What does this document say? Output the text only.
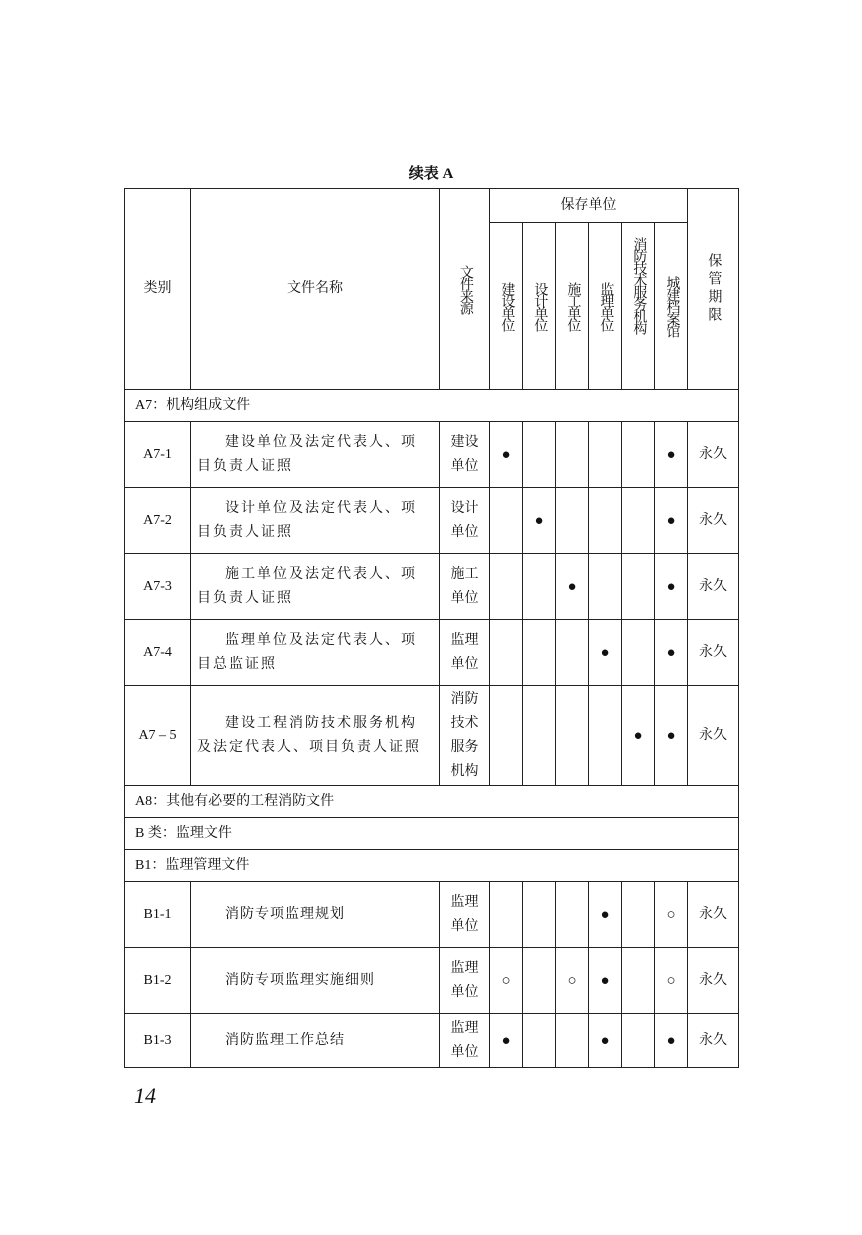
续表 A
类别	文件名称	文件来源	保存单位						保管期限

			建设单位	设计单位	施工单位	监理单位	消防技术服务机构	城建档案馆	

A7：机构组成文件									
A7-1	建设单位及法定代表人、项目负责人证照	建设单位	●					●	永久
A7-2	设计单位及法定代表人、项目负责人证照	设计单位		●				●	永久
A7-3	施工单位及法定代表人、项目负责人证照	施工单位			●			●	永久
A7-4	监理单位及法定代表人、项目总监证照	监理单位				●		●	永久
A7 – 5	建设工程消防技术服务机构及法定代表人、项目负责人证照	消防技术服务机构					●	●	永久
A8：其他有必要的工程消防文件									
B 类：监理文件									
B1：监理管理文件									
B1-1	消防专项监理规划	监理单位				●		○	永久
B1-2	消防专项监理实施细则	监理单位	○		○	●		○	永久
B1-3	消防监理工作总结	监理单位	●			●		●	永久
14
